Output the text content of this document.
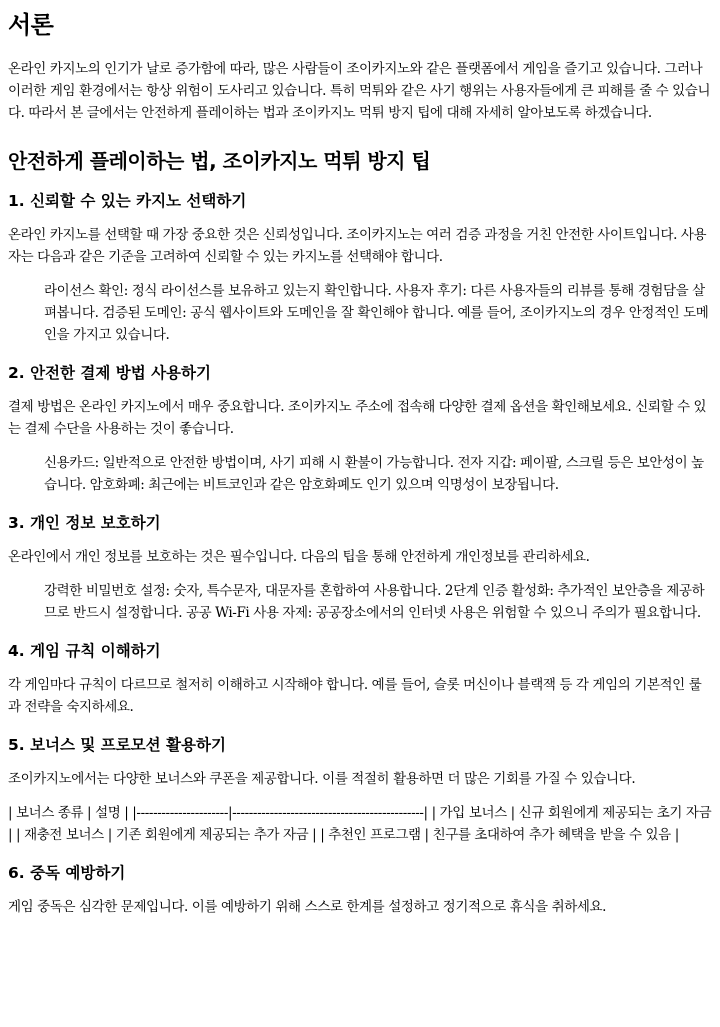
서론

온라인 카지노의 인기가 날로 증가함에 따라, 많은 사람들이 조이카지노와 같은 플랫폼에서 게임을 즐기고 있습니다. 그러나 이러한 게임 환경에서는 항상 위험이 도사리고 있습니다. 특히 먹튀와 같은 사기 행위는 사용자들에게 큰 피해를 줄 수 있습니다. 따라서 본 글에서는 안전하게 플레이하는 법과 조이카지노 먹튀 방지 팁에 대해 자세히 알아보도록 하겠습니다.

안전하게 플레이하는 법, 조이카지노 먹튀 방지 팁
1. 신뢰할 수 있는 카지노 선택하기

온라인 카지노를 선택할 때 가장 중요한 것은 신뢰성입니다. 조이카지노는 여러 검증 과정을 거친 안전한 사이트입니다. 사용자는 다음과 같은 기준을 고려하여 신뢰할 수 있는 카지노를 선택해야 합니다.

라이선스 확인: 정식 라이선스를 보유하고 있는지 확인합니다. 사용자 후기: 다른 사용자들의 리뷰를 통해 경험담을 살펴봅니다. 검증된 도메인: 공식 웹사이트와 도메인을 잘 확인해야 합니다. 예를 들어, 조이카지노의 경우 안정적인 도메인을 가지고 있습니다.
2. 안전한 결제 방법 사용하기

결제 방법은 온라인 카지노에서 매우 중요합니다. 조이카지노 주소에 접속해 다양한 결제 옵션을 확인해보세요. 신뢰할 수 있는 결제 수단을 사용하는 것이 좋습니다.

신용카드: 일반적으로 안전한 방법이며, 사기 피해 시 환불이 가능합니다. 전자 지갑: 페이팔, 스크릴 등은 보안성이 높습니다. 암호화폐: 최근에는 비트코인과 같은 암호화폐도 인기 있으며 익명성이 보장됩니다.
3. 개인 정보 보호하기

온라인에서 개인 정보를 보호하는 것은 필수입니다. 다음의 팁을 통해 안전하게 개인정보를 관리하세요.

강력한 비밀번호 설정: 숫자, 특수문자, 대문자를 혼합하여 사용합니다. 2단계 인증 활성화: 추가적인 보안층을 제공하므로 반드시 설정합니다. 공공 Wi-Fi 사용 자제: 공공장소에서의 인터넷 사용은 위험할 수 있으니 주의가 필요합니다.
4. 게임 규칙 이해하기

각 게임마다 규칙이 다르므로 철저히 이해하고 시작해야 합니다. 예를 들어, 슬롯 머신이나 블랙잭 등 각 게임의 기본적인 룰과 전략을 숙지하세요.

5. 보너스 및 프로모션 활용하기

조이카지노에서는 다양한 보너스와 쿠폰을 제공합니다. 이를 적절히 활용하면 더 많은 기회를 가질 수 있습니다.

| 보너스 종류 | 설명 | |----------------------|----------------------------------------------| | 가입 보너스 | 신규 회원에게 제공되는 초기 자금 | | 재충전 보너스 | 기존 회원에게 제공되는 추가 자금 | | 추천인 프로그램 | 친구를 초대하여 추가 혜택을 받을 수 있음 |

6. 중독 예방하기

게임 중독은 심각한 문제입니다. 이를 예방하기 위해 스스로 한계를 설정하고 정기적으로 휴식을 취하세요.
